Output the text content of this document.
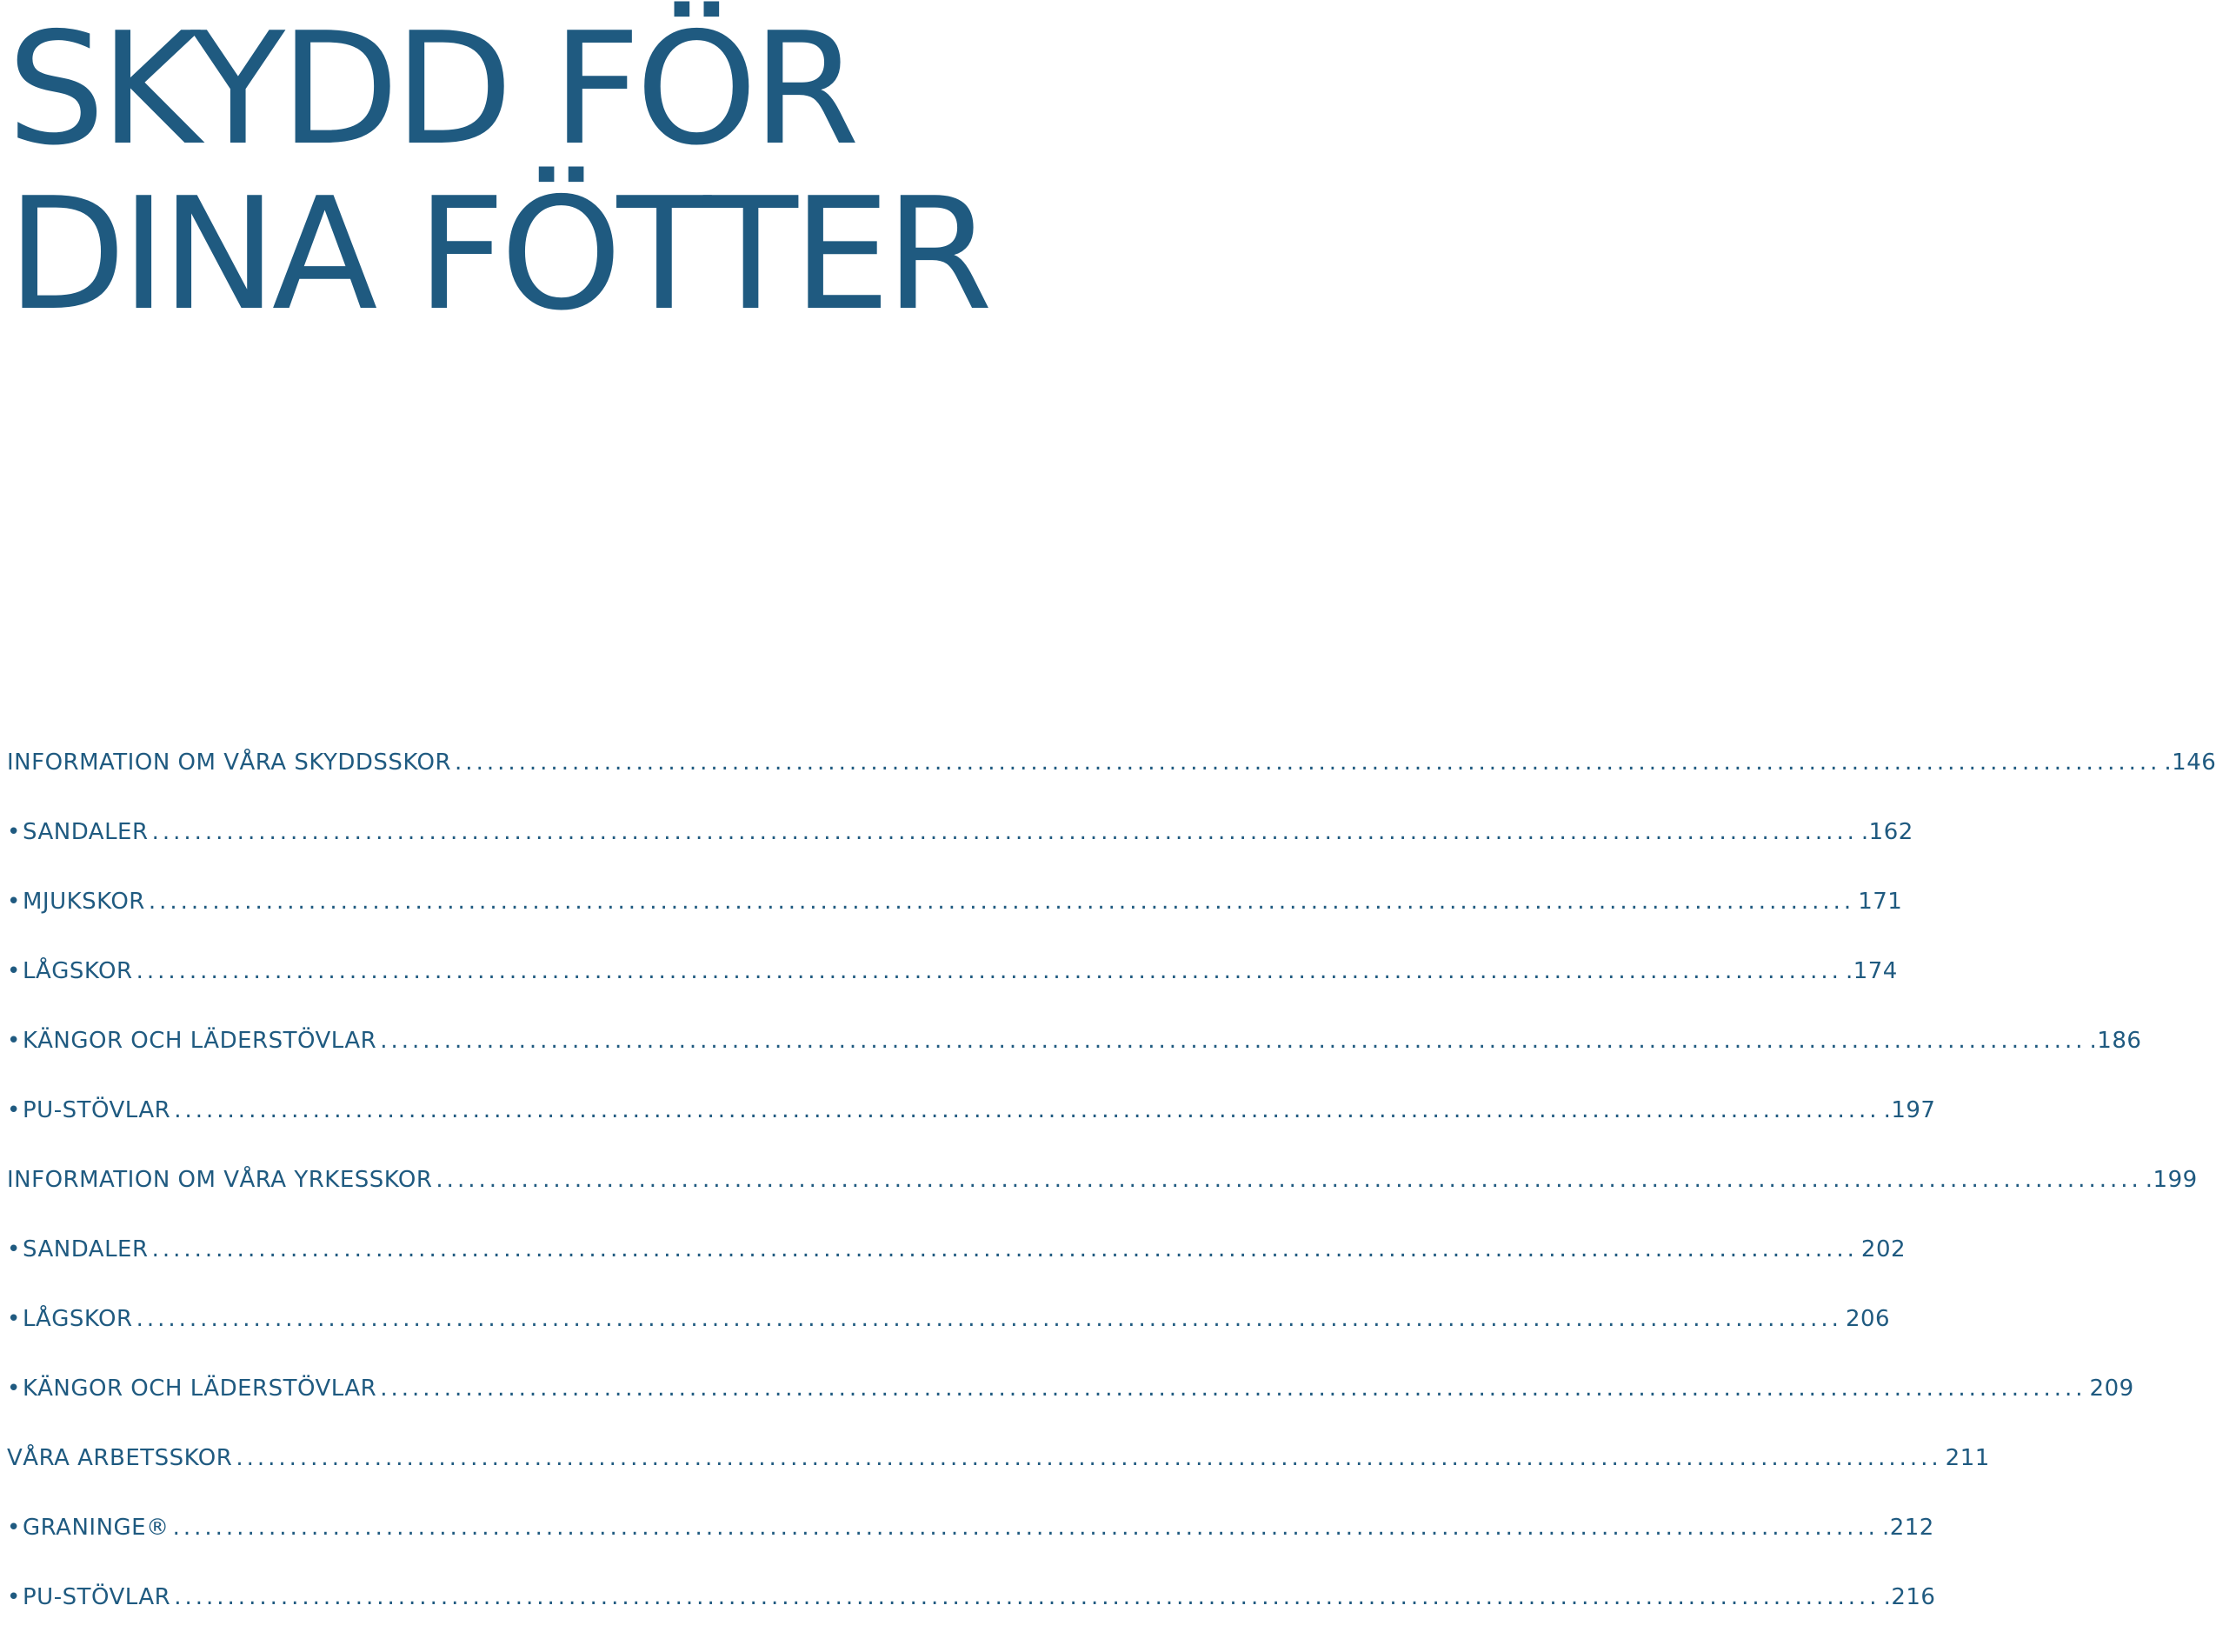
SKYDD FÖR
DINA FÖTTER
INFORMATION OM VÅRA SKYDDSSKOR .....	.146
• SANDALER .....	.162
• MJUKSKOR .....	171
• LÅGSKOR .....	.174
• KÄNGOR OCH LÄDERSTÖVLAR .....	.186
• PU-STÖVLAR .....	.197
INFORMATION OM VÅRA YRKESSKOR .....	.199
• SANDALER .....	202
• LÅGSKOR .....	206
• KÄNGOR OCH LÄDERSTÖVLAR .....	209
VÅRA ARBETSSKOR .....	211
• GRANINGE® .....	.212
• PU-STÖVLAR .....	.216
